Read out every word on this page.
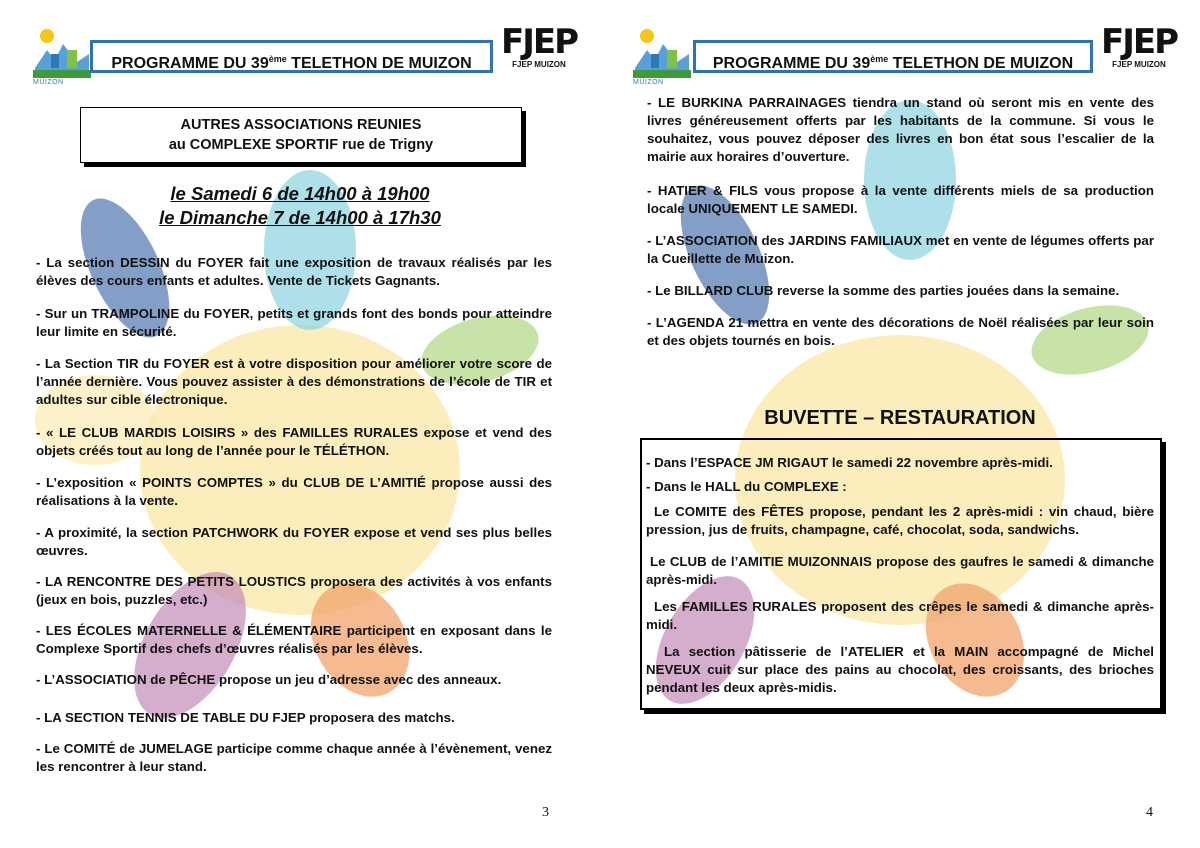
MUIZON
PROGRAMME DU 39ème TELETHON DE MUIZON
FJEP
FJEP MUIZON
AUTRES ASSOCIATIONS REUNIES
au COMPLEXE SPORTIF rue de Trigny
le Samedi 6 de 14h00 à 19h00
le Dimanche 7 de 14h00 à 17h30

- La section DESSIN du FOYER fait une exposition de travaux réalisés par les élèves des cours enfants et adultes. Vente de Tickets Gagnants.

- Sur un TRAMPOLINE du FOYER, petits et grands font des bonds pour atteindre leur limite en sécurité.

- La Section TIR du FOYER est à votre disposition pour améliorer votre score de l’année dernière. Vous pouvez assister à des démonstrations de l’école de TIR et adultes sur cible électronique.

- « LE CLUB MARDIS LOISIRS » des FAMILLES RURALES expose et vend des objets créés tout au long de l’année pour le TÉLÉTHON.

- L’exposition « POINTS COMPTES » du CLUB DE L’AMITIÉ propose aussi des réalisations à la vente.

- A proximité, la section PATCHWORK du FOYER expose et vend ses plus belles œuvres.

- LA RENCONTRE DES PETITS LOUSTICS proposera des activités à vos enfants (jeux en bois, puzzles, etc.)

- LES ÉCOLES MATERNELLE & ÉLÉMENTAIRE participent en exposant dans le Complexe Sportif des chefs d’œuvres réalisés par les élèves.

- L’ASSOCIATION de PÊCHE propose un jeu d’adresse avec des anneaux.

- LA SECTION TENNIS DE TABLE DU FJEP proposera des matchs.

- Le COMITÉ de JUMELAGE participe comme chaque année à l’évènement, venez les rencontrer à leur stand.

3
MUIZON
PROGRAMME DU 39ème TELETHON DE MUIZON
FJEP
FJEP MUIZON

- LE BURKINA PARRAINAGES tiendra un stand où seront mis en vente des livres généreusement offerts par les habitants de la commune. Si vous le souhaitez, vous pouvez déposer des livres en bon état sous l’escalier de la mairie aux horaires d’ouverture.

- HATIER & FILS vous propose à la vente différents miels de sa production locale UNIQUEMENT LE SAMEDI.

- L’ASSOCIATION des JARDINS FAMILIAUX met en vente de légumes offerts par la Cueillette de Muizon.

- Le BILLARD CLUB reverse la somme des parties jouées dans la semaine.

- L’AGENDA 21 mettra en vente des décorations de Noël réalisées par leur soin et des objets tournés en bois.

4
BUVETTE – RESTAURATION

- Dans l’ESPACE JM RIGAUT le samedi 22 novembre après-midi.

- Dans le HALL du COMPLEXE :

Le COMITE des FÊTES propose, pendant les 2 après-midi : vin chaud, bière pression, jus de fruits, champagne, café, chocolat, soda, sandwichs.

Le CLUB de l’AMITIE MUIZONNAIS propose des gaufres le samedi & dimanche après-midi.

Les FAMILLES RURALES proposent des crêpes le samedi & dimanche après-midi.

La section pâtisserie de l’ATELIER et la MAIN accompagné de Michel NEVEUX cuit sur place des pains au chocolat, des croissants, des brioches pendant les deux après-midis.
